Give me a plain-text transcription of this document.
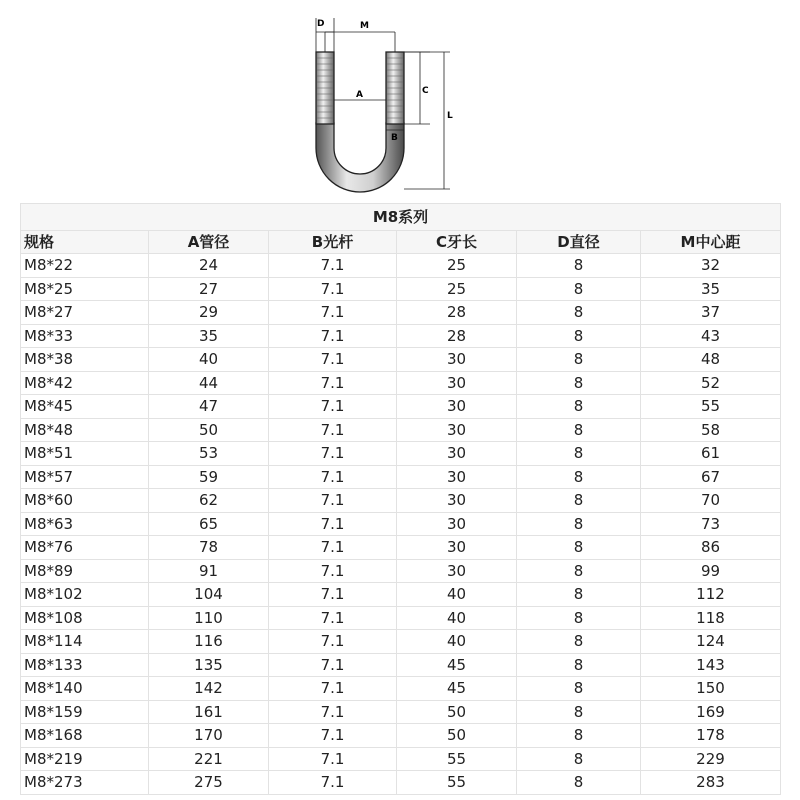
D	M
A
B
C
L
M8系列
规格	A管径	B光杆	C牙长	D直径	M中心距
M8*22	24	7.1	25	8	32
M8*25	27	7.1	25	8	35
M8*27	29	7.1	28	8	37
M8*33	35	7.1	28	8	43
M8*38	40	7.1	30	8	48
M8*42	44	7.1	30	8	52
M8*45	47	7.1	30	8	55
M8*48	50	7.1	30	8	58
M8*51	53	7.1	30	8	61
M8*57	59	7.1	30	8	67
M8*60	62	7.1	30	8	70
M8*63	65	7.1	30	8	73
M8*76	78	7.1	30	8	86
M8*89	91	7.1	30	8	99
M8*102	104	7.1	40	8	112
M8*108	110	7.1	40	8	118
M8*114	116	7.1	40	8	124
M8*133	135	7.1	45	8	143
M8*140	142	7.1	45	8	150
M8*159	161	7.1	50	8	169
M8*168	170	7.1	50	8	178
M8*219	221	7.1	55	8	229
M8*273	275	7.1	55	8	283
